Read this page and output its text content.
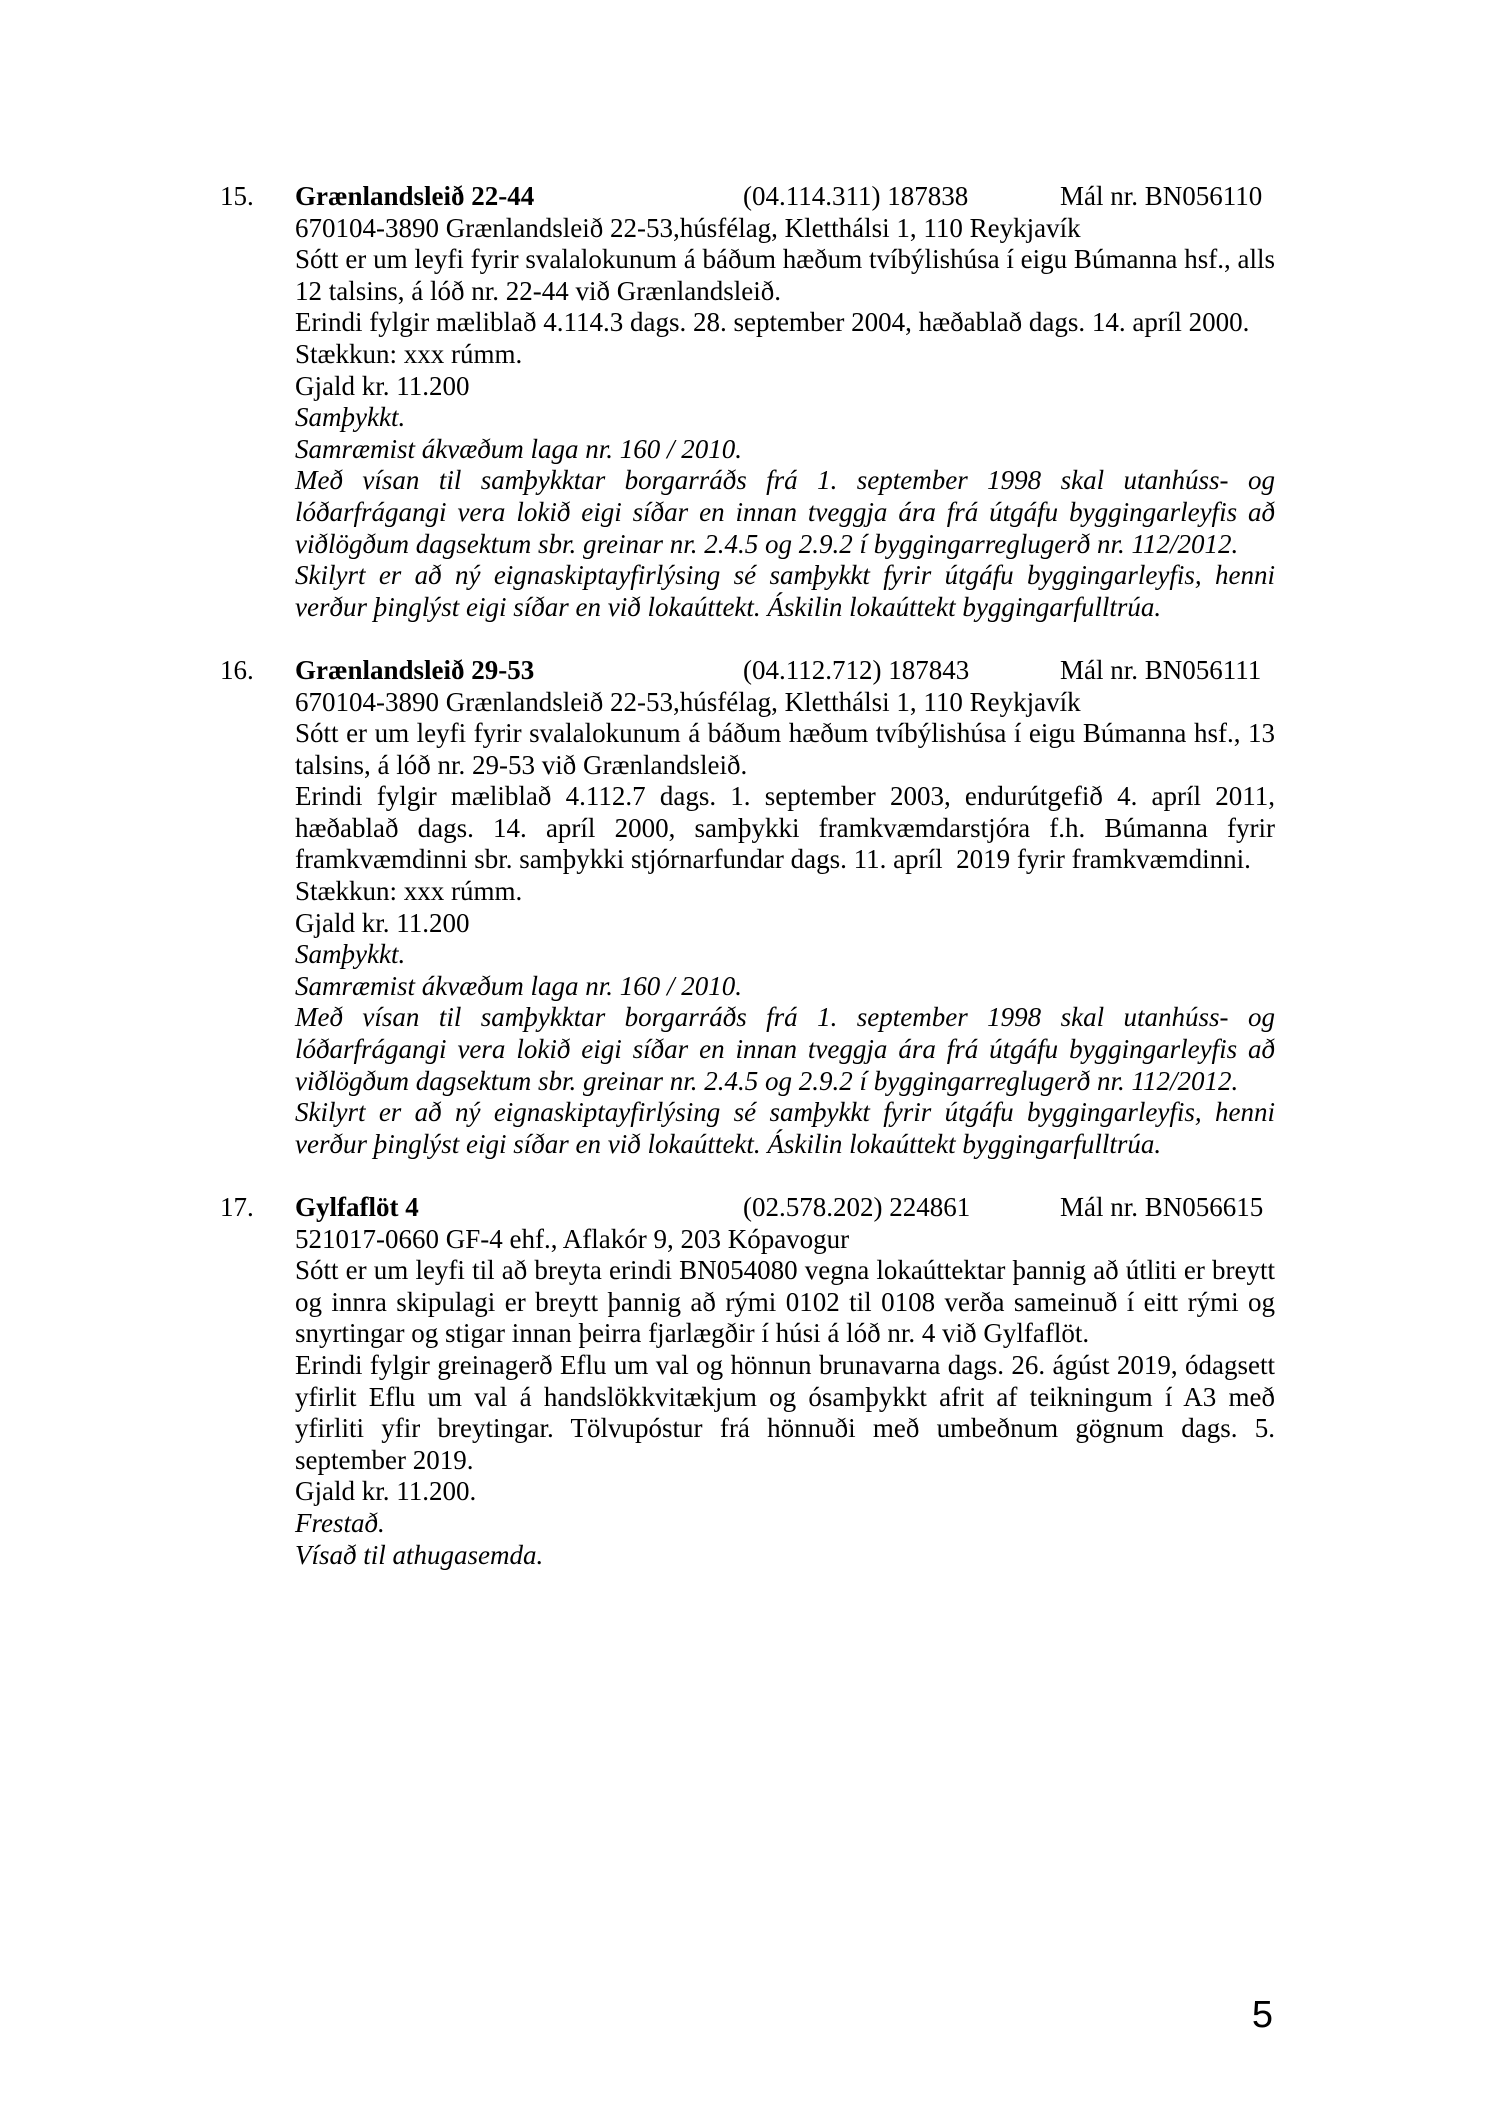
15.	Grænlandsleið 22-44	(04.114.311) 187838	Mál nr. BN056110

670104-3890 Grænlandsleið 22-53,húsfélag, Kletthálsi 1, 110 Reykjavík

Sótt er um leyfi fyrir svalalokunum á báðum hæðum tvíbýlishúsa í eigu Búmanna hsf., alls 12 talsins, á lóð nr. 22-44 við Grænlandsleið.

Erindi fylgir mæliblað 4.114.3 dags. 28. september 2004, hæðablað dags. 14. apríl 2000.

Stækkun: xxx rúmm.

Gjald kr. 11.200

Samþykkt.

Samræmist ákvæðum laga nr. 160 / 2010.

Með vísan til samþykktar borgarráðs frá 1. september 1998 skal utanhúss- og lóðarfrágangi vera lokið eigi síðar en innan tveggja ára frá útgáfu byggingarleyfis að viðlögðum dagsektum sbr. greinar nr. 2.4.5 og 2.9.2 í byggingarreglugerð nr. 112/2012.

Skilyrt er að ný eignaskiptayfirlýsing sé samþykkt fyrir útgáfu byggingarleyfis, henni verður þinglýst eigi síðar en við lokaúttekt. Áskilin lokaúttekt byggingarfulltrúa.

16.	Grænlandsleið 29-53	(04.112.712) 187843	Mál nr. BN056111

670104-3890 Grænlandsleið 22-53,húsfélag, Kletthálsi 1, 110 Reykjavík

Sótt er um leyfi fyrir svalalokunum á báðum hæðum tvíbýlishúsa í eigu Búmanna hsf., 13 talsins, á lóð nr. 29-53 við Grænlandsleið.

Erindi fylgir mæliblað 4.112.7 dags. 1. september 2003, endurútgefið 4. apríl 2011, hæðablað dags. 14. apríl 2000, samþykki framkvæmdarstjóra f.h. Búmanna fyrir framkvæmdinni sbr. samþykki stjórnarfundar dags. 11. apríl  2019 fyrir framkvæmdinni.

Stækkun: xxx rúmm.

Gjald kr. 11.200

Samþykkt.

Samræmist ákvæðum laga nr. 160 / 2010.

Með vísan til samþykktar borgarráðs frá 1. september 1998 skal utanhúss- og lóðarfrágangi vera lokið eigi síðar en innan tveggja ára frá útgáfu byggingarleyfis að viðlögðum dagsektum sbr. greinar nr. 2.4.5 og 2.9.2 í byggingarreglugerð nr. 112/2012.

Skilyrt er að ný eignaskiptayfirlýsing sé samþykkt fyrir útgáfu byggingarleyfis, henni verður þinglýst eigi síðar en við lokaúttekt. Áskilin lokaúttekt byggingarfulltrúa.

17.	Gylfaflöt 4	(02.578.202) 224861	Mál nr. BN056615

521017-0660 GF-4 ehf., Aflakór 9, 203 Kópavogur

Sótt er um leyfi til að breyta erindi BN054080 vegna lokaúttektar þannig að útliti er breytt og innra skipulagi er breytt þannig að rými 0102 til 0108 verða sameinuð í eitt rými og snyrtingar og stigar innan þeirra fjarlægðir í húsi á lóð nr. 4 við Gylfaflöt.

Erindi fylgir greinagerð Eflu um val og hönnun brunavarna dags. 26. ágúst 2019, ódagsett yfirlit Eflu um val á handslökkvitækjum og ósamþykkt afrit af teikningum í A3 með yfirliti yfir breytingar. Tölvupóstur frá hönnuði með umbeðnum gögnum dags. 5. september 2019.

Gjald kr. 11.200.

Frestað.

Vísað til athugasemda.

5
